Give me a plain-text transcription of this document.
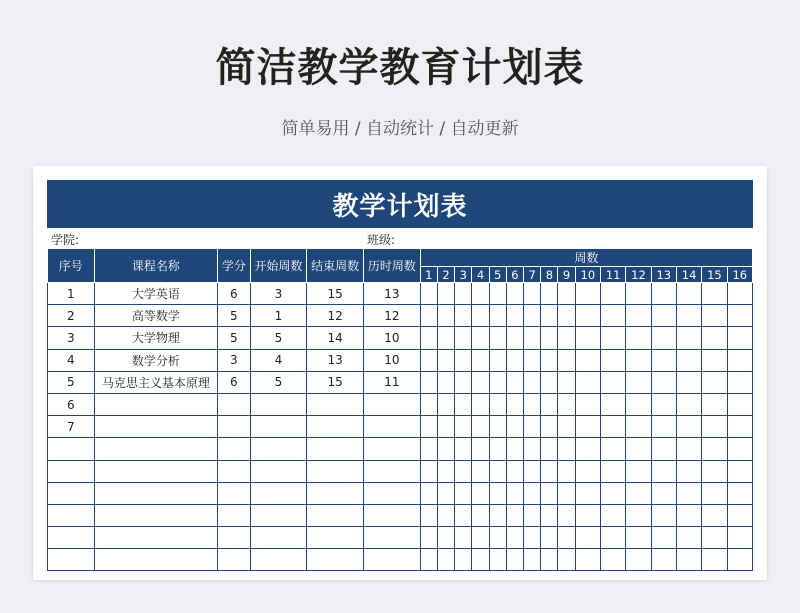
简洁教学教育计划表
简单易用 / 自动统计 / 自动更新
教学计划表
学院:	班级:
序号	课程名称	学分	开始周数	结束周数	历时周数	周数															
						1	2	3	4	5	6	7	8	9	10	11	12	13	14	15	16
1	大学英语	6	3	15	13																
2	高等数学	5	1	12	12																
3	大学物理	5	5	14	10																
4	数学分析	3	4	13	10																
5	马克思主义基本原理	6	5	15	11																
6																					
7																					
